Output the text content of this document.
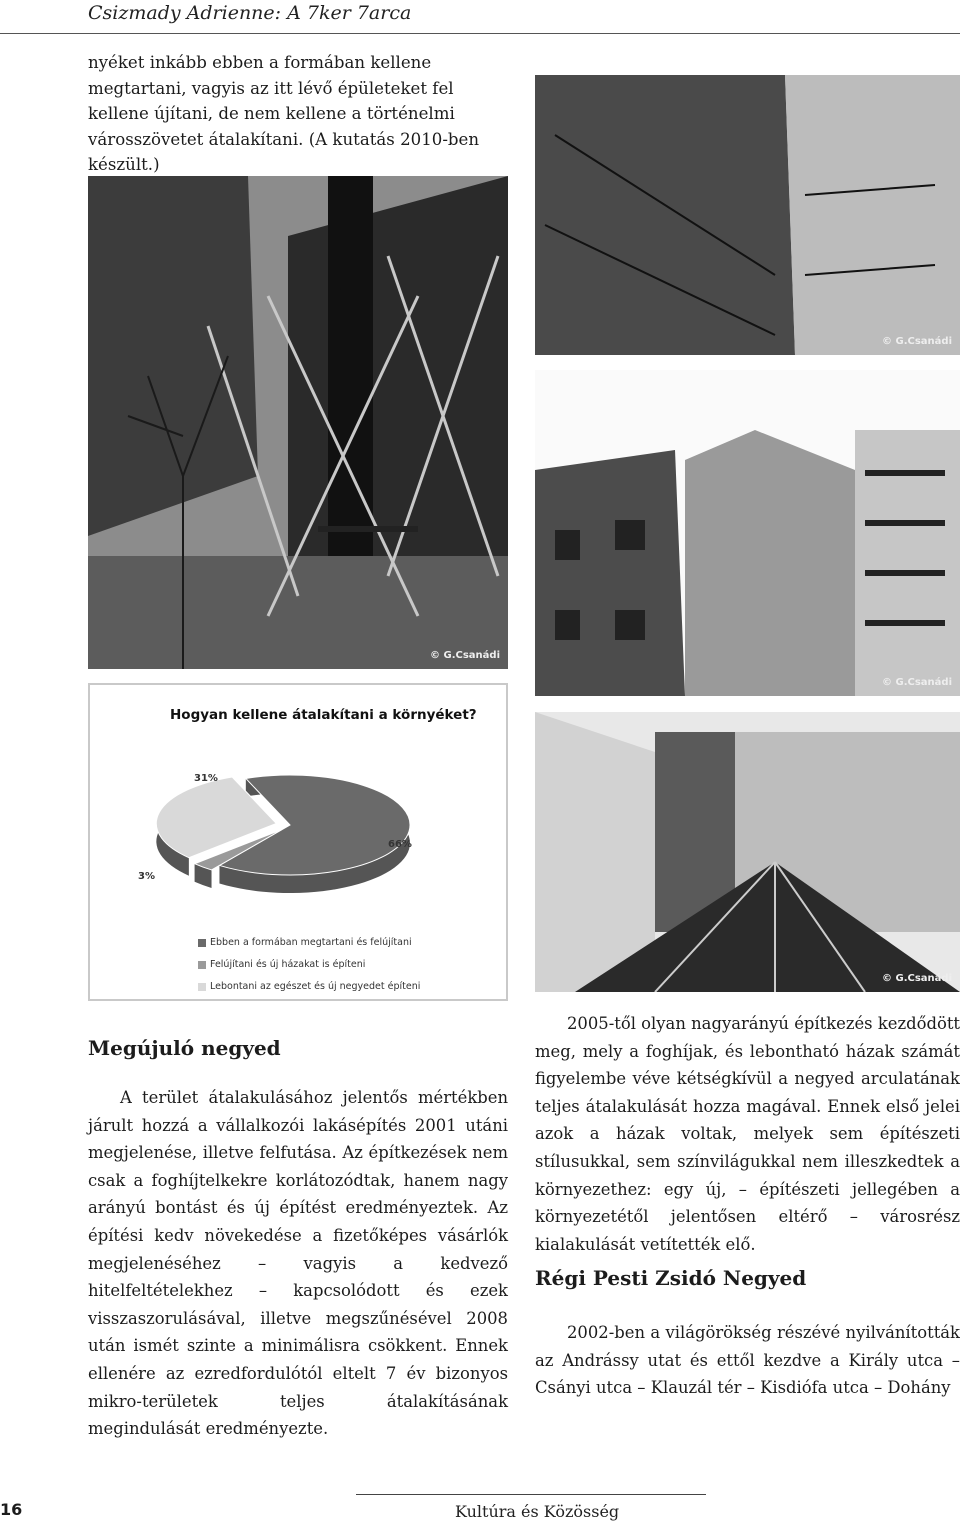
Csizmady Adrienne: A 7ker 7arca
nyéket inkább ebben a formában kellene megtartani, vagyis az itt lévő épületeket fel kellene újítani, de nem kellene a történelmi városszövetet átalakítani. (A kutatás 2010-ben készült.)
© G.Csanádi
© G.Csanádi
© G.Csanádi
© G.Csanádi
Hogyan kellene átalakítani a környéket?
31%
66%
3%
Ebben a formában megtartani és felújítani
Felújítani és új házakat is építeni
Lebontani az egészet és új negyedet építeni
Megújuló negyed
A terület átalakulásához jelentős mértékben járult hozzá a vállalkozói lakásépítés 2001 utáni megjelenése, illetve felfutása. Az építkezések nem csak a foghíjtelkekre korlátozódtak, hanem nagy arányú bontást és új építést eredményeztek. Az építési kedv növekedése a fizetőképes vásárlók megjelenéséhez – vagyis a kedvező hitelfeltételekhez – kapcsolódott és ezek visszaszorulásával, illetve megszűnésével 2008 után ismét szinte a minimálisra csökkent. Ennek ellenére az ezredfordulótól eltelt 7 év bizonyos mikro-területek teljes átalakításának megindulását eredményezte.
2005-től olyan nagyarányú építkezés kezdődött meg, mely a foghíjak, és lebontható házak számát figyelembe véve kétségkívül a negyed arculatának teljes átalakulását hozza magával. Ennek első jelei azok a házak voltak, melyek sem építészeti stílusukkal, sem színvilágukkal nem illeszkedtek a környezethez: egy új, – építészeti jellegében a környezetétől jelentősen eltérő – városrész kialakulását vetítették elő.
Régi Pesti Zsidó Negyed
2002-ben a világörökség részévé nyilvánították az Andrássy utat és ettől kezdve a Király utca – Csányi utca – Klauzál tér – Kisdiófa utca – Dohány
16	Kultúra és Közösség
